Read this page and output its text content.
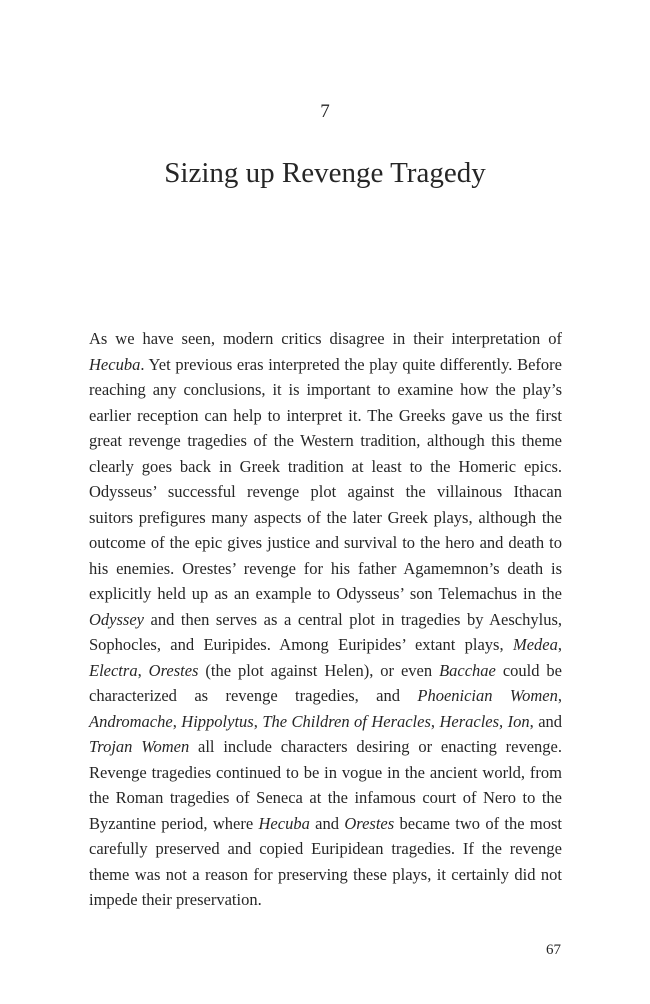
7
Sizing up Revenge Tragedy
As we have seen, modern critics disagree in their interpretation of
Hecuba. Yet previous eras interpreted the play quite differently. Before
reaching any conclusions, it is important to examine how the play’s
earlier reception can help to interpret it. The Greeks gave us the first
great revenge tragedies of the Western tradition, although this theme
clearly goes back in Greek tradition at least to the Homeric epics.
Odysseus’ successful revenge plot against the villainous Ithacan
suitors prefigures many aspects of the later Greek plays, although the
outcome of the epic gives justice and survival to the hero and death to
his enemies. Orestes’ revenge for his father Agamemnon’s death is
explicitly held up as an example to Odysseus’ son Telemachus in the
Odyssey and then serves as a central plot in tragedies by Aeschylus,
Sophocles, and Euripides. Among Euripides’ extant plays, Medea,
Electra, Orestes (the plot against Helen), or even Bacchae could be
characterized as revenge tragedies, and Phoenician Women,
Andromache, Hippolytus, The Children of Heracles, Heracles, Ion, and
Trojan Women all include characters desiring or enacting revenge.
Revenge tragedies continued to be in vogue in the ancient world, from
the Roman tragedies of Seneca at the infamous court of Nero to the
Byzantine period, where Hecuba and Orestes became two of the most
carefully preserved and copied Euripidean tragedies. If the revenge
theme was not a reason for preserving these plays, it certainly did not
impede their preservation.
67
